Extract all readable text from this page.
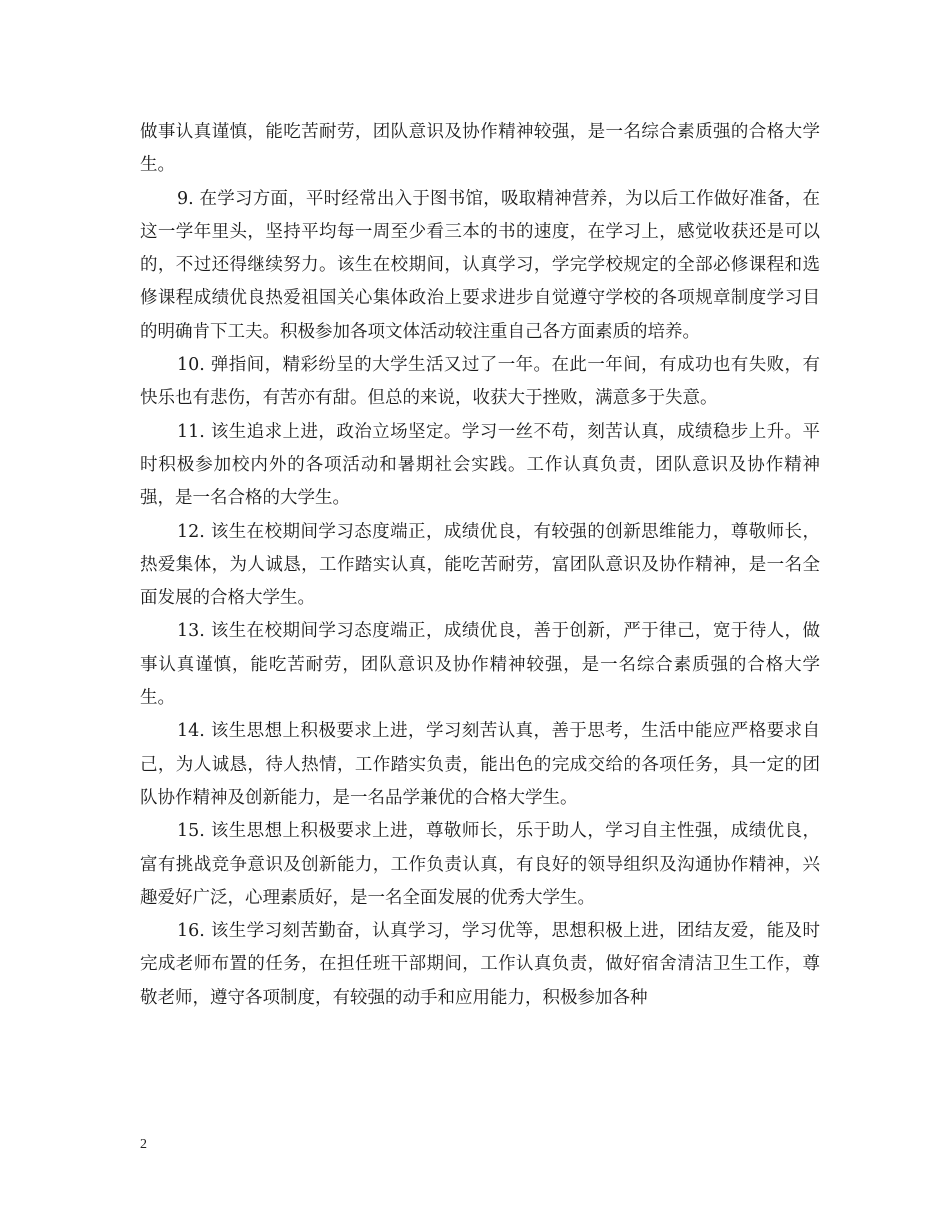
做事认真谨慎，能吃苦耐劳，团队意识及协作精神较强，是一名综合素质强的合格大学生。

9. 在学习方面，平时经常出入于图书馆，吸取精神营养，为以后工作做好准备，在这一学年里头，坚持平均每一周至少看三本的书的速度，在学习上，感觉收获还是可以的，不过还得继续努力。该生在校期间，认真学习，学完学校规定的全部必修课程和选修课程成绩优良热爱祖国关心集体政治上要求进步自觉遵守学校的各项规章制度学习目的明确肯下工夫。积极参加各项文体活动较注重自己各方面素质的培养。

10. 弹指间，精彩纷呈的大学生活又过了一年。在此一年间，有成功也有失败，有快乐也有悲伤，有苦亦有甜。但总的来说，收获大于挫败，满意多于失意。

11. 该生追求上进，政治立场坚定。学习一丝不苟，刻苦认真，成绩稳步上升。平时积极参加校内外的各项活动和暑期社会实践。工作认真负责，团队意识及协作精神强，是一名合格的大学生。

12. 该生在校期间学习态度端正，成绩优良，有较强的创新思维能力，尊敬师长，热爱集体，为人诚恳，工作踏实认真，能吃苦耐劳，富团队意识及协作精神，是一名全面发展的合格大学生。

13. 该生在校期间学习态度端正，成绩优良，善于创新，严于律己，宽于待人，做事认真谨慎，能吃苦耐劳，团队意识及协作精神较强，是一名综合素质强的合格大学生。

14. 该生思想上积极要求上进，学习刻苦认真，善于思考，生活中能应严格要求自己，为人诚恳，待人热情，工作踏实负责，能出色的完成交给的各项任务，具一定的团队协作精神及创新能力，是一名品学兼优的合格大学生。

15. 该生思想上积极要求上进，尊敬师长，乐于助人，学习自主性强，成绩优良，富有挑战竞争意识及创新能力，工作负责认真，有良好的领导组织及沟通协作精神，兴趣爱好广泛，心理素质好，是一名全面发展的优秀大学生。

16. 该生学习刻苦勤奋，认真学习，学习优等，思想积极上进，团结友爱，能及时完成老师布置的任务，在担任班干部期间，工作认真负责，做好宿舍清洁卫生工作，尊敬老师，遵守各项制度，有较强的动手和应用能力，积极参加各种

2
